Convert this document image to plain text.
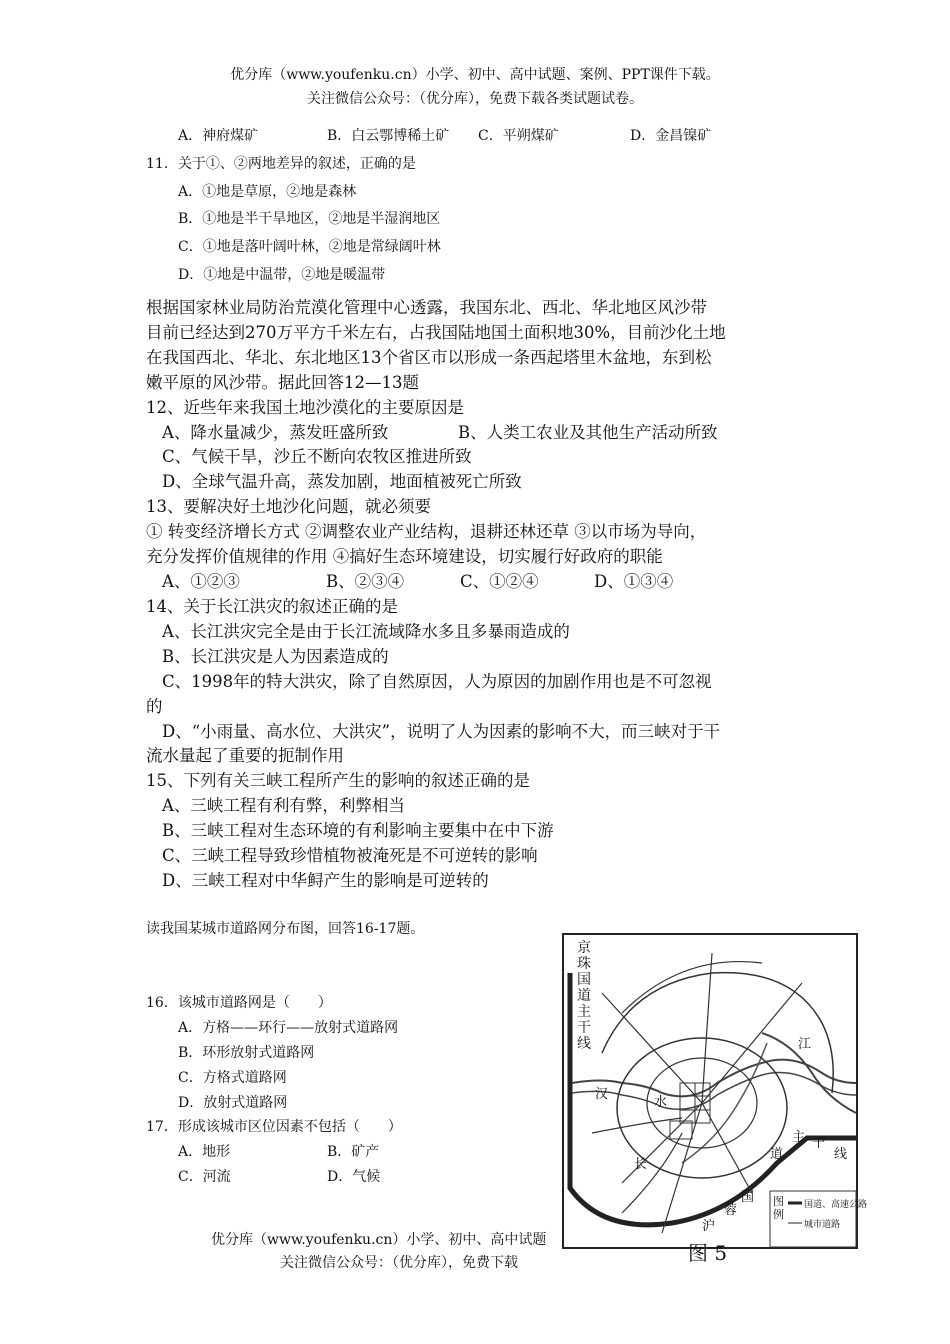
优分库（www.youfenku.cn）小学、初中、高中试题、案例、PPT课件下载。
关注微信公众号：（优分库），免费下载各类试题试卷。
A．神府煤矿	B．白云鄂博稀土矿 C．平朔煤矿	D．金昌镍矿
11．关于①、②两地差异的叙述，正确的是
A．①地是草原，②地是森林
B．①地是半干旱地区，②地是半湿润地区
C．①地是落叶阔叶林，②地是常绿阔叶林
D．①地是中温带，②地是暖温带
根据国家林业局防治荒漠化管理中心透露，我国东北、西北、华北地区风沙带
目前已经达到270万平方千米左右，占我国陆地国土面积地30%，目前沙化土地
在我国西北、华北、东北地区13个省区市以形成一条西起塔里木盆地，东到松
嫩平原的风沙带。据此回答12—13题
12、近些年来我国土地沙漠化的主要原因是
A、降水量减少，蒸发旺盛所致	B、人类工农业及其他生产活动所致
C、气候干旱，沙丘不断向农牧区推进所致
D、全球气温升高，蒸发加剧，地面植被死亡所致
13、要解决好土地沙化问题，就必须要
① 转变经济增长方式 ②调整农业产业结构，退耕还林还草 ③以市场为导向，
充分发挥价值规律的作用 ④搞好生态环境建设，切实履行好政府的职能
A、①②③	B、②③④	C、①②④	D、①③④
14、关于长江洪灾的叙述正确的是
A、长江洪灾完全是由于长江流域降水多且多暴雨造成的
B、长江洪灾是人为因素造成的
C、1998年的特大洪灾，除了自然原因，人为原因的加剧作用也是不可忽视
的
D、“小雨量、高水位、大洪灾”，说明了人为因素的影响不大，而三峡对于干
流水量起了重要的扼制作用
15、下列有关三峡工程所产生的影响的叙述正确的是
A、三峡工程有利有弊，利弊相当
B、三峡工程对生态环境的有利影响主要集中在中下游
C、三峡工程导致珍惜植物被淹死是不可逆转的影响
D、三峡工程对中华鲟产生的影响是可逆转的
读我国某城市道路网分布图，回答16-17题。
16．该城市道路网是（　　）
A．方格——环行——放射式道路网
B．环形放射式道路网
C．方格式道路网
D．放射式道路网
17．形成该城市区位因素不包括（　　）
A．地形	B．矿产
C．河流	D．气候
京珠国道主干线
汉
水
江
长
道
主 干
线
国
蓉
沪
图例
国道、高速公路
城市道路
图 5
优分库（www.youfenku.cn）小学、初中、高中试题
关注微信公众号：（优分库），免费下载
